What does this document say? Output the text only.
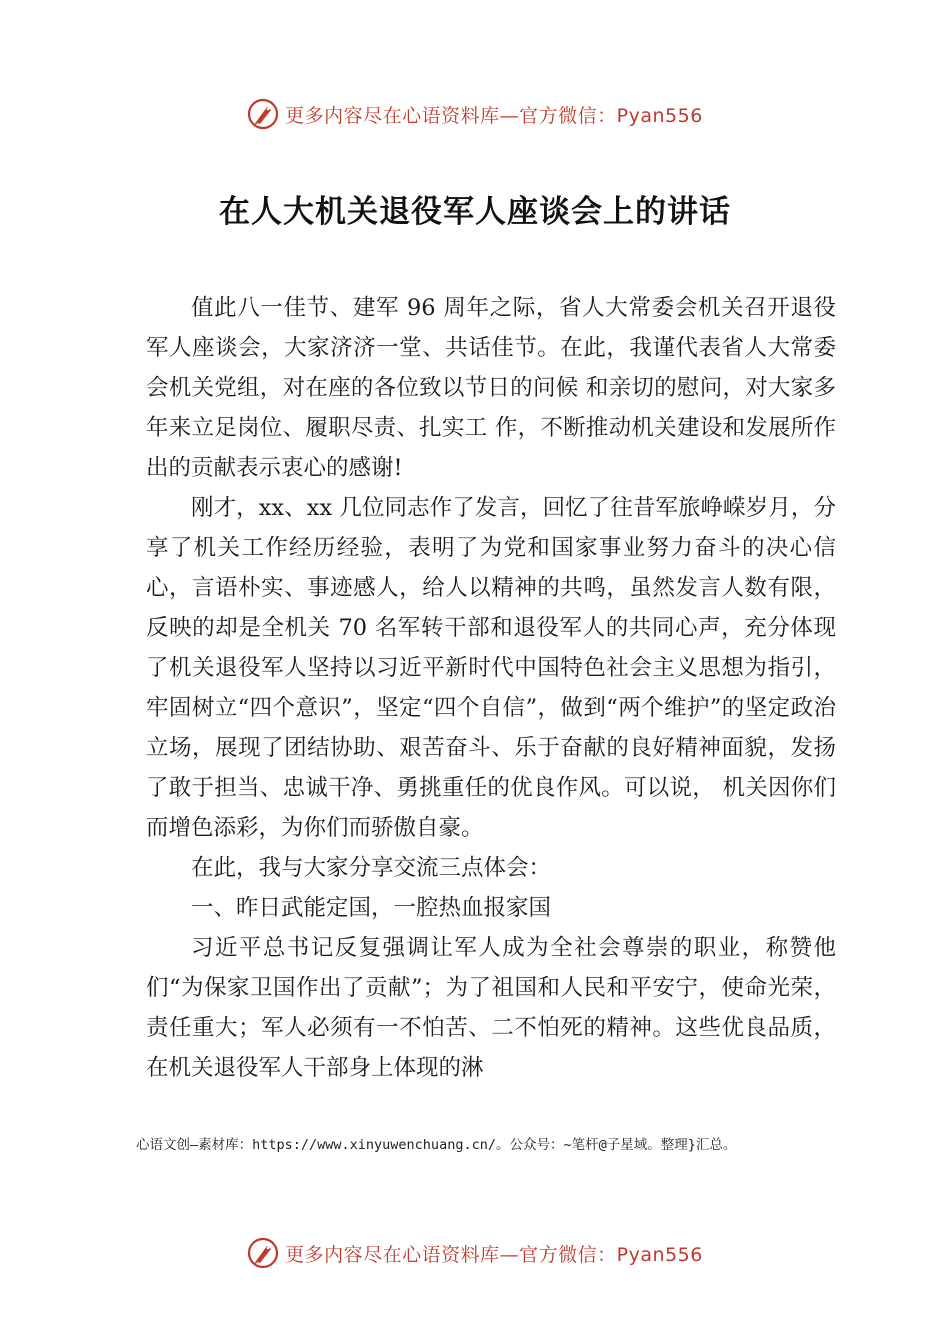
更多内容尽在心语资料库—官方微信：Pyan556
在人大机关退役军人座谈会上的讲话

值此八一佳节、建军 96 周年之际，省人大常委会机关召开退役军人座谈会，大家济济一堂、共话佳节。在此，我谨代表省人大常委会机关党组，对在座的各位致以节日的问候 和亲切的慰问，对大家多年来立足岗位、履职尽责、扎实工 作，不断推动机关建设和发展所作出的贡献表示衷心的感谢!

刚才，xx、xx 几位同志作了发言，回忆了往昔军旅峥嵘岁月，分享了机关工作经历经验，表明了为党和国家事业努力奋斗的决心信心，言语朴实、事迹感人，给人以精神的共鸣，虽然发言人数有限，反映的却是全机关 70 名军转干部和退役军人的共同心声，充分体现了机关退役军人坚持以习近平新时代中国特色社会主义思想为指引，牢固树立“四个意识”，坚定“四个自信”，做到“两个维护”的坚定政治立场，展现了团结协助、艰苦奋斗、乐于奋献的良好精神面貌，发扬了敢于担当、忠诚干净、勇挑重任的优良作风。可以说， 机关因你们而增色添彩，为你们而骄傲自豪。

在此，我与大家分享交流三点体会：

一、昨日武能定国，一腔热血报家国

习近平总书记反复强调让军人成为全社会尊崇的职业，称赞他们“为保家卫国作出了贡献”；为了祖国和人民和平安宁，使命光荣，责任重大；军人必须有一不怕苦、二不怕死的精神。这些优良品质，在机关退役军人干部身上体现的淋

心语文创—素材库：https://www.xinyuwenchuang.cn/。公众号：~笔杆@子星域。整理}汇总。
更多内容尽在心语资料库—官方微信：Pyan556
